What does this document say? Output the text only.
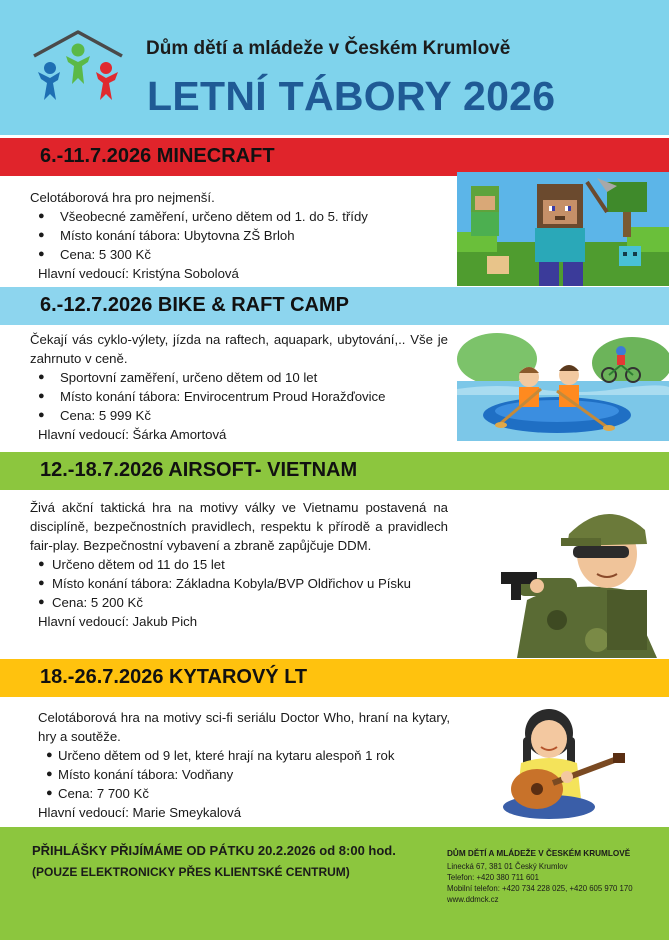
Dům dětí a mládeže v Českém Krumlově
LETNÍ TÁBORY 2026
6.-11.7.2026 MINECRAFT

Celotáborová hra pro nejmenší.

● Všeobecné zaměření, určeno dětem od 1. do 5. třídy
● Místo konání tábora: Ubytovna ZŠ Brloh
● Cena: 5 300 Kč

Hlavní vedoucí: Kristýna Sobolová

6.-12.7.2026 BIKE & RAFT CAMP

Čekají vás cyklo-výlety, jízda na raftech, aquapark, ubytování,.. Vše je zahrnuto v ceně.

● Sportovní zaměření, určeno dětem od 10 let
● Místo konání tábora: Envirocentrum Proud Horažďovice
● Cena: 5 999 Kč

Hlavní vedoucí: Šárka Amortová

12.-18.7.2026 AIRSOFT- VIETNAM

Živá akční taktická hra na motivy války ve Vietnamu postavená na disciplíně, bezpečnostních pravidlech, respektu k přírodě a pravidlech fair-play. Bezpečnostní vybavení a zbraně zapůjčuje DDM.

● Určeno dětem od 11 do 15 let
● Místo konání tábora: Základna Kobyla/BVP Oldřichov u Písku
● Cena: 5 200 Kč

Hlavní vedoucí: Jakub Pich

18.-26.7.2026 KYTAROVÝ LT

Celotáborová hra na motivy sci-fi seriálu Doctor Who, hraní na kytary, hry a soutěže.

● Určeno dětem od 9 let, které hrají na kytaru alespoň 1 rok
● Místo konání tábora: Vodňany
● Cena: 7 700 Kč

Hlavní vedoucí: Marie Smeykalová

PŘIHLÁŠKY PŘIJÍMÁME OD PÁTKU 20.2.2026 od 8:00 hod.
(POUZE ELEKTRONICKY PŘES KLIENTSKÉ CENTRUM)
DŮM DĚTÍ A MLÁDEŽE V ČESKÉM KRUMLOVĚ
Linecká 67, 381 01 Český Krumlov
Telefon: +420 380 711 601
Mobilní telefon: +420 734 228 025, +420 605 970 170
www.ddmck.cz
